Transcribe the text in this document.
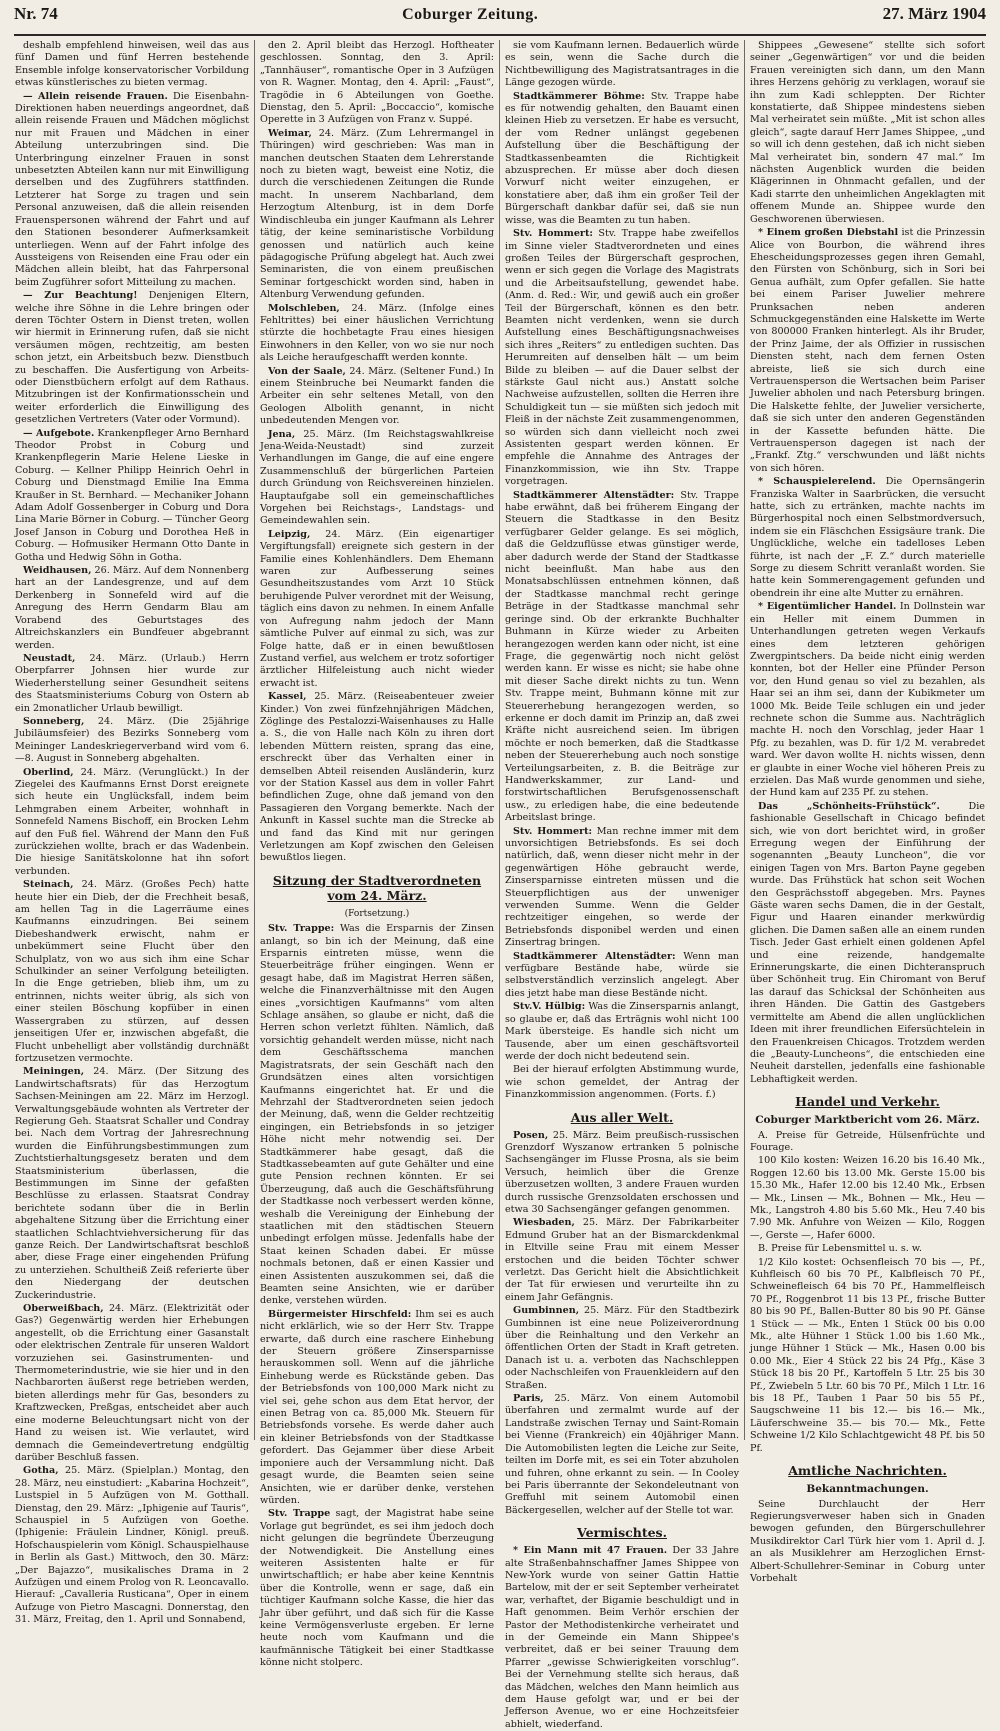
Nr. 74	Coburger Zeitung.	27. März 1904

deshalb empfehlend hinweisen, weil das aus fünf Damen und fünf Herren bestehende Ensemble infolge konservatorischer Vorbildung etwas künstlerisches zu bieten vermag.

— Allein reisende Frauen. Die Eisenbahn-Direktionen haben neuerdings angeordnet, daß allein reisende Frauen und Mädchen möglichst nur mit Frauen und Mädchen in einer Abteilung unterzubringen sind. Die Unterbringung einzelner Frauen in sonst unbesetzten Abteilen kann nur mit Einwilligung derselben und des Zugführers stattfinden. Letzterer hat Sorge zu tragen und sein Personal anzuweisen, daß die allein reisenden Frauenspersonen während der Fahrt und auf den Stationen besonderer Aufmerksamkeit unterliegen. Wenn auf der Fahrt infolge des Aussteigens von Reisenden eine Frau oder ein Mädchen allein bleibt, hat das Fahrpersonal beim Zugführer sofort Mitteilung zu machen.

— Zur Beachtung! Denjenigen Eltern, welche ihre Söhne in die Lehre bringen oder deren Töchter Ostern in Dienst treten, wollen wir hiermit in Erinnerung rufen, daß sie nicht versäumen mögen, rechtzeitig, am besten schon jetzt, ein Arbeitsbuch bezw. Dienstbuch zu beschaffen. Die Ausfertigung von Arbeits- oder Dienstbüchern erfolgt auf dem Rathaus. Mitzubringen ist der Konfirmationsschein und weiter erforderlich die Einwilligung des gesetzlichen Vertreters (Vater oder Vormund).

— Aufgebote. Krankenpfleger Arno Bernhard Theodor Probst in Coburg und Krankenpflegerin Marie Helene Lieske in Coburg. — Kellner Philipp Heinrich Oehrl in Coburg und Dienstmagd Emilie Ina Emma Kraußer in St. Bernhard. — Mechaniker Johann Adam Adolf Gossenberger in Coburg und Dora Lina Marie Börner in Coburg. — Tüncher Georg Josef Janson in Coburg und Dorothea Heß in Coburg. — Hofmusiker Hermann Otto Dante in Gotha und Hedwig Söhn in Gotha.

Weidhausen, 26. März. Auf dem Nonnenberg hart an der Landesgrenze, und auf dem Derkenberg in Sonnefeld wird auf die Anregung des Herrn Gendarm Blau am Vorabend des Geburtstages des Altreichskanzlers ein Bundfeuer abgebrannt werden.

Neustadt, 24. März. (Urlaub.) Herrn Oberpfarrer Johnsen hier wurde zur Wiederherstellung seiner Gesundheit seitens des Staatsministeriums Coburg von Ostern ab ein 2monatlicher Urlaub bewilligt.

Sonneberg, 24. März. (Die 25jährige Jubiläumsfeier) des Bezirks Sonneberg vom Meininger Landeskriegerverband wird vom 6.—8. August in Sonneberg abgehalten.

Oberlind, 24. März. (Verunglückt.) In der Ziegelei des Kaufmanns Ernst Dorst ereignete sich heute ein Unglücksfall, indem beim Lehmgraben einem Arbeiter, wohnhaft in Sonnefeld Namens Bischoff, ein Brocken Lehm auf den Fuß fiel. Während der Mann den Fuß zurückziehen wollte, brach er das Wadenbein. Die hiesige Sanitätskolonne hat ihn sofort verbunden.

Steinach, 24. März. (Großes Pech) hatte heute hier ein Dieb, der die Frechheit besaß, am hellen Tag in die Lagerräume eines Kaufmanns einzudringen. Bei seinem Diebeshandwerk erwischt, nahm er unbekümmert seine Flucht über den Schulplatz, von wo aus sich ihm eine Schar Schulkinder an seiner Verfolgung beteiligten. In die Enge getrieben, blieb ihm, um zu entrinnen, nichts weiter übrig, als sich von einer steilen Böschung kopfüber in einen Wassergraben zu stürzen, auf dessen jenseitigen Ufer er, inzwischen abgefaßt, die Flucht unbehelligt aber vollständig durchnäßt fortzusetzen vermochte.

Meiningen, 24. März. (Der Sitzung des Landwirtschaftsrats) für das Herzogtum Sachsen-Meiningen am 22. März im Herzogl. Verwaltungsgebäude wohnten als Vertreter der Regierung Geh. Staatsrat Schaller und Condray bei. Nach dem Vortrag der Jahresrechnung wurden die Einführungsbestimmungen zum Zuchtstierhaltungsgesetz beraten und dem Staatsministerium überlassen, die Bestimmungen im Sinne der gefaßten Beschlüsse zu erlassen. Staatsrat Condray berichtete sodann über die in Berlin abgehaltene Sitzung über die Errichtung einer staatlichen Schlachtviehversicherung für das ganze Reich. Der Landwirtschaftsrat beschloß aber, diese Frage einer eingehenden Prüfung zu unterziehen. Schultheiß Zeiß referierte über den Niedergang der deutschen Zuckerindustrie.

Oberweißbach, 24. März. (Elektrizität oder Gas?) Gegenwärtig werden hier Erhebungen angestellt, ob die Errichtung einer Gasanstalt oder elektrischen Zentrale für unseren Waldort vorzuziehen sei. Gasinstrumenten- und Thermometerindustrie, wie sie hier und in den Nachbarorten äußerst rege betrieben werden, bieten allerdings mehr für Gas, besonders zu Kraftzwecken, Preßgas, entscheidet aber auch eine moderne Beleuchtungsart nicht von der Hand zu weisen ist. Wie verlautet, wird demnach die Gemeindevertretung endgültig darüber Beschluß fassen.

Gotha, 25. März. (Spielplan.) Montag, den 28. März, neu einstudiert: „Kabarina Hochzeit“, Lustspiel in 5 Aufzügen von M. Gotthall. Dienstag, den 29. März: „Iphigenie auf Tauris“, Schauspiel in 5 Aufzügen von Goethe. (Iphigenie: Fräulein Lindner, Königl. preuß. Hofschauspielerin vom Königl. Schauspielhause in Berlin als Gast.) Mittwoch, den 30. März: „Der Bajazzo“, musikalisches Drama in 2 Aufzügen und einem Prolog von R. Leoncavallo. Hierauf: „Cavalleria Rusticana“, Oper in einem Aufzuge von Pietro Mascagni. Donnerstag, den 31. März, Freitag, den 1. April und Sonnabend,

den 2. April bleibt das Herzogl. Hoftheater geschlossen. Sonntag, den 3. April: „Tannhäuser“, romantische Oper in 3 Aufzügen von R. Wagner. Montag, den 4. April: „Faust“, Tragödie in 6 Abteilungen von Goethe. Dienstag, den 5. April: „Boccaccio“, komische Operette in 3 Aufzügen von Franz v. Suppé.

Weimar, 24. März. (Zum Lehrermangel in Thüringen) wird geschrieben: Was man in manchen deutschen Staaten dem Lehrerstande noch zu bieten wagt, beweist eine Notiz, die durch die verschiedenen Zeitungen die Runde macht. In unserem Nachbarland, dem Herzogtum Altenburg, ist in dem Dorfe Windischleuba ein junger Kaufmann als Lehrer tätig, der keine seminaristische Vorbildung genossen und natürlich auch keine pädagogische Prüfung abgelegt hat. Auch zwei Seminaristen, die von einem preußischen Seminar fortgeschickt worden sind, haben in Altenburg Verwendung gefunden.

Molschleben, 24. März. (Infolge eines Fehltrittes) bei einer häuslichen Verrichtung stürzte die hochbetagte Frau eines hiesigen Einwohners in den Keller, von wo sie nur noch als Leiche heraufgeschafft werden konnte.

Von der Saale, 24. März. (Seltener Fund.) In einem Steinbruche bei Neumarkt fanden die Arbeiter ein sehr seltenes Metall, von den Geologen Albolith genannt, in nicht unbedeutenden Mengen vor.

Jena, 25. März. (Im Reichstagswahlkreise Jena-Weida-Neustadt) sind zurzeit Verhandlungen im Gange, die auf eine engere Zusammenschluß der bürgerlichen Parteien durch Gründung von Reichsvereinen hinzielen. Hauptaufgabe soll ein gemeinschaftliches Vorgehen bei Reichstags-, Landstags- und Gemeindewahlen sein.

Leipzig, 24. März. (Ein eigenartiger Vergiftungsfall) ereignete sich gestern in der Familie eines Kohlenhändlers. Dem Ehemann waren zur Aufbesserung seines Gesundheitszustandes vom Arzt 10 Stück beruhigende Pulver verordnet mit der Weisung, täglich eins davon zu nehmen. In einem Anfalle von Aufregung nahm jedoch der Mann sämtliche Pulver auf einmal zu sich, was zur Folge hatte, daß er in einen bewußtlosen Zustand verfiel, aus welchem er trotz sofortiger ärztlicher Hilfeleistung auch nicht wieder erwacht ist.

Kassel, 25. März. (Reiseabenteuer zweier Kinder.) Von zwei fünfzehnjährigen Mädchen, Zöglinge des Pestalozzi-Waisenhauses zu Halle a. S., die von Halle nach Köln zu ihren dort lebenden Müttern reisten, sprang das eine, erschreckt über das Verhalten einer in demselben Abteil reisenden Ausländerin, kurz vor der Station Kassel aus dem in voller Fahrt befindlichen Zuge, ohne daß jemand von den Passagieren den Vorgang bemerkte. Nach der Ankunft in Kassel suchte man die Strecke ab und fand das Kind mit nur geringen Verletzungen am Kopf zwischen den Geleisen bewußtlos liegen.

Sitzung der Stadtverordneten vom 24. März.
(Fortsetzung.)

Stv. Trappe: Was die Ersparnis der Zinsen anlangt, so bin ich der Meinung, daß eine Ersparnis eintreten müsse, wenn die Steuerbeiträge früher eingingen. Wenn er gesagt habe, daß im Magistrat Herren säßen, welche die Finanzverhältnisse mit den Augen eines „vorsichtigen Kaufmanns“ vom alten Schlage ansähen, so glaube er nicht, daß die Herren schon verletzt fühlten. Nämlich, daß vorsichtig gehandelt werden müsse, nicht nach dem Geschäftsschema manchen Magistratsrats, der sein Geschäft nach den Grundsätzen eines alten vorsichtigen Kaufmanns eingerichtet hat. Er und die Mehrzahl der Stadtverordneten seien jedoch der Meinung, daß, wenn die Gelder rechtzeitig eingingen, ein Betriebsfonds in so jetziger Höhe nicht mehr notwendig sei. Der Stadtkämmerer habe gesagt, daß die Stadtkassebeamten auf gute Gehälter und eine gute Pension rechnen könnten. Er sei Überzeugung, daß auch die Geschäftsführung der Stadtkasse noch verbessert werden könne, weshalb die Vereinigung der Einhebung der staatlichen mit den städtischen Steuern unbedingt erfolgen müsse. Jedenfalls habe der Staat keinen Schaden dabei. Er müsse nochmals betonen, daß er einen Kassier und einen Assistenten auszukommen sei, daß die Beamten seine Ansichten, wie er darüber denke, verstehen würden.

Bürgermeister Hirschfeld: Ihm sei es auch nicht erklärlich, wie so der Herr Stv. Trappe erwarte, daß durch eine raschere Einhebung der Steuern größere Zinsersparnisse herauskommen soll. Wenn auf die jährliche Einhebung werde es Rückstände geben. Das der Betriebsfonds von 100,000 Mark nicht zu viel sei, gehe schon aus dem Etat hervor, der einen Betrag von ca. 85,000 Mk. Steuern für Betriebsfonds vorsehe. Es werde daher auch ein kleiner Betriebsfonds von der Stadtkasse gefordert. Das Gejammer über diese Arbeit imponiere auch der Versammlung nicht. Daß gesagt wurde, die Beamten seien seine Ansichten, wie er darüber denke, verstehen würden.

Stv. Trappe sagt, der Magistrat habe seine Vorlage gut begründet, es sei ihm jedoch doch nicht gelungen die begründete Überzeugung der Notwendigkeit. Die Anstellung eines weiteren Assistenten halte er für unwirtschaftlich; er habe aber keine Kenntnis über die Kontrolle, wenn er sage, daß ein tüchtiger Kaufmann solche Kasse, die hier das Jahr über geführt, und daß sich für die Kasse keine Vermögensverluste ergeben. Er lerne heute noch vom Kaufmann und die kaufmännische Tätigkeit bei einer Stadtkasse könne nicht stolperc.

sie vom Kaufmann lernen. Bedauerlich würde es sein, wenn die Sache durch die Nichtbewilligung des Magistratsantrages in die Länge gezogen würde.

Stadtkämmerer Böhme: Stv. Trappe habe es für notwendig gehalten, den Bauamt einen kleinen Hieb zu versetzen. Er habe es versucht, der vom Redner unlängst gegebenen Aufstellung über die Beschäftigung der Stadtkassenbeamten die Richtigkeit abzusprechen. Er müsse aber doch diesen Vorwurf nicht weiter einzugehen, er konstatiere aber, daß ihm ein großer Teil der Bürgerschaft dankbar dafür sei, daß sie nun wisse, was die Beamten zu tun haben.

Stv. Hommert: Stv. Trappe habe zweifellos im Sinne vieler Stadtverordneten und eines großen Teiles der Bürgerschaft gesprochen, wenn er sich gegen die Vorlage des Magistrats und die Arbeitsaufstellung, gewendet habe. (Anm. d. Red.: Wir, und gewiß auch ein großer Teil der Bürgerschaft, können es den betr. Beamten nicht verdenken, wenn sie durch Aufstellung eines Beschäftigungsnachweises sich ihres „Reiters“ zu entledigen suchten. Das Herumreiten auf denselben hält — um beim Bilde zu bleiben — auf die Dauer selbst der stärkste Gaul nicht aus.) Anstatt solche Nachweise aufzustellen, sollten die Herren ihre Schuldigkeit tun — sie müßten sich jedoch mit Fleiß in der nächste Zeit zusammengenommen, so würden sich dann vielleicht noch zwei Assistenten gespart werden können. Er empfehle die Annahme des Antrages der Finanzkommission, wie ihn Stv. Trappe vorgetragen.

Stadtkämmerer Altenstädter: Stv. Trappe habe erwähnt, daß bei früherem Eingang der Steuern die Stadtkasse in den Besitz verfügbarer Gelder gelange. Es sei möglich, daß die Geldzuflüsse etwas günstiger werde, aber dadurch werde der Stand der Stadtkasse nicht beeinflußt. Man habe aus den Monatsabschlüssen entnehmen können, daß der Stadtkasse manchmal recht geringe Beträge in der Stadtkasse manchmal sehr geringe sind. Ob der erkrankte Buchhalter Buhmann in Kürze wieder zu Arbeiten herangezogen werden kann oder nicht, ist eine Frage, die gegenwärtig noch nicht gelöst werden kann. Er wisse es nicht; sie habe ohne mit dieser Sache direkt nichts zu tun. Wenn Stv. Trappe meint, Buhmann könne mit zur Steuererhebung herangezogen werden, so erkenne er doch damit im Prinzip an, daß zwei Kräfte nicht ausreichend seien. Im übrigen möchte er noch bemerken, daß die Stadtkasse neben der Steuererhebung auch noch sonstige Verteilungsarbeiten, z. B. die Beiträge zur Handwerkskammer, zur Land- und forstwirtschaftlichen Berufsgenossenschaft usw., zu erledigen habe, die eine bedeutende Arbeitslast bringe.

Stv. Hommert: Man rechne immer mit dem unvorsichtigen Betriebsfonds. Es sei doch natürlich, daß, wenn dieser nicht mehr in der gegenwärtigen Höhe gebraucht werde, Zinsersparnisse eintreten müssen und die Steuerpflichtigen aus der unweniger verwenden Summe. Wenn die Gelder rechtzeitiger eingehen, so werde der Betriebsfonds disponibel werden und einen Zinsertrag bringen.

Stadtkämmerer Altenstädter: Wenn man verfügbare Bestände habe, würde sie selbstverständlich verzinslich angelegt. Aber dies jetzt habe man diese Bestände nicht.

Stv.V. Hülbig: Was die Zinsersparnis anlangt, so glaube er, daß das Erträgnis wohl nicht 100 Mark übersteige. Es handle sich nicht um Tausende, aber um einen geschäftsvorteil werde der doch nicht bedeutend sein.

Bei der hierauf erfolgten Abstimmung wurde, wie schon gemeldet, der Antrag der Finanzkommission angenommen. (Forts. f.)

Aus aller Welt.

Posen, 25. März. Beim preußisch-russischen Grenzdorf Wyszanow ertranken 5 polnische Sachsengänger im Flusse Prosna, als sie beim Versuch, heimlich über die Grenze überzusetzen wollten, 3 andere Frauen wurden durch russische Grenzsoldaten erschossen und etwa 30 Sachsengänger gefangen genommen.

Wiesbaden, 25. März. Der Fabrikarbeiter Edmund Gruber hat an der Bismarckdenkmal in Eltville seine Frau mit einem Messer erstochen und die beiden Töchter schwer verletzt. Das Gericht hielt die Absichtlichkeit der Tat für erwiesen und verurteilte ihn zu einem Jahr Gefängnis.

Gumbinnen, 25. März. Für den Stadtbezirk Gumbinnen ist eine neue Polizeiverordnung über die Reinhaltung und den Verkehr an öffentlichen Orten der Stadt in Kraft getreten. Danach ist u. a. verboten das Nachschleppen oder Nachschleifen von Frauenkleidern auf den Straßen.

Paris, 25. März. Von einem Automobil überfahren und zermalmt wurde auf der Landstraße zwischen Ternay und Saint-Romain bei Vienne (Frankreich) ein 40jähriger Mann. Die Automobilisten legten die Leiche zur Seite, teilten im Dorfe mit, es sei ein Toter abzuholen und fuhren, ohne erkannt zu sein. — In Cooley bei Paris überrannte der Sekondeleutnant von Greffuhl mit seinem Automobil einen Bäckergesellen, welcher auf der Stelle tot war.

Vermischtes.

* Ein Mann mit 47 Frauen. Der 33 Jahre alte Straßenbahnschaffner James Shippee von New-York wurde von seiner Gattin Hattie Bartelow, mit der er seit September verheiratet war, verhaftet, der Bigamie beschuldigt und in Haft genommen. Beim Verhör erschien der Pastor der Methodistenkirche verheiratet und in der Gemeinde ein Mann Shippee's verbreitet, daß er bei seiner Trauung dem Pfarrer „gewisse Schwierigkeiten vorschlug“. Bei der Vernehmung stellte sich heraus, daß das Mädchen, welches den Mann heimlich aus dem Hause gefolgt war, und er bei der Jefferson Avenue, wo er eine Hochzeitsfeier abhielt, wiederfand.

Shippees „Gewesene“ stellte sich sofort seiner „Gegenwärtigen“ vor und die beiden Frauen vereinigten sich dann, um den Mann ihres Herzens gehörig zu verklagen, worauf sie ihn zum Kadi schleppten. Der Richter konstatierte, daß Shippee mindestens sieben Mal verheiratet sein müßte. „Mit ist schon alles gleich“, sagte darauf Herr James Shippee, „und so will ich denn gestehen, daß ich nicht sieben Mal verheiratet bin, sondern 47 mal.“ Im nächsten Augenblick wurden die beiden Klägerinnen in Ohnmacht gefallen, und der Kadi starrte den unheimlichen Angeklagten mit offenem Munde an. Shippee wurde den Geschworenen überwiesen.

* Einem großen Diebstahl ist die Prinzessin Alice von Bourbon, die während ihres Ehescheidungsprozesses gegen ihren Gemahl, den Fürsten von Schönburg, sich in Sori bei Genua aufhält, zum Opfer gefallen. Sie hatte bei einem Pariser Juwelier mehrere Prunksachen neben anderen Schmuckgegenständen eine Halskette im Werte von 800000 Franken hinterlegt. Als ihr Bruder, der Prinz Jaime, der als Offizier in russischen Diensten steht, nach dem fernen Osten abreiste, ließ sie sich durch eine Vertrauensperson die Wertsachen beim Pariser Juwelier abholen und nach Petersburg bringen. Die Halskette fehlte, der Juwelier versicherte, daß sie sich unter den anderen Gegenständen in der Kassette befunden hätte. Die Vertrauensperson dagegen ist nach der „Frankf. Ztg.“ verschwunden und läßt nichts von sich hören.

* Schauspielerelend. Die Opernsängerin Franziska Walter in Saarbrücken, die versucht hatte, sich zu ertränken, machte nachts im Bürgerhospital noch einen Selbstmordversuch, indem sie ein Fläschchen Essigsäure trank. Die Unglückliche, welche ein tadelloses Leben führte, ist nach der „F. Z.“ durch materielle Sorge zu diesem Schritt veranlaßt worden. Sie hatte kein Sommerengagement gefunden und obendrein ihr eine alte Mutter zu ernähren.

* Eigentümlicher Handel. In Dollnstein war ein Heller mit einem Dummen in Unterhandlungen getreten wegen Verkaufs eines dem letzteren gehörigen Zwergpintschers. Da beide nicht einig werden konnten, bot der Heller eine Pfünder Person vor, den Hund genau so viel zu bezahlen, als Haar sei an ihm sei, dann der Kubikmeter um 1000 Mk. Beide Teile schlugen ein und jeder rechnete schon die Summe aus. Nachträglich machte H. noch den Vorschlag, jeder Haar 1 Pfg. zu bezahlen, was D. für 1/2 M. verabredet ward. Wer davon wollte H. nichts wissen, denn er glaubte in einer Woche viel höheren Preis zu erzielen. Das Maß wurde genommen und siehe, der Hund kam auf 235 Pf. zu stehen.

Das „Schönheits-Frühstück“.	Die fashionable Gesellschaft in Chicago befindet sich, wie von dort berichtet wird, in großer Erregung wegen der Einführung der sogenannten „Beauty Luncheon“, die vor einigen Tagen von Mrs. Barton Payne gegeben wurde. Das Frühstück hat schon seit Wochen den Gesprächsstoff abgegeben. Mrs. Paynes Gäste waren sechs Damen, die in der Gestalt, Figur und Haaren einander merkwürdig glichen. Die Damen saßen alle an einem runden Tisch. Jeder Gast erhielt einen goldenen Apfel und eine reizende, handgemalte Erinnerungskarte, die einen Dichteranspruch über Schönheit trug. Ein Chiromant von Beruf las darauf das Schicksal der Schönheiten aus ihren Händen. Die Gattin des Gastgebers vermittelte am Abend die allen unglücklichen Ideen mit ihrer freundlichen Eifersüchtelein in den Frauenkreisen Chicagos. Trotzdem werden die „Beauty-Luncheons“, die entschieden eine Neuheit darstellen, jedenfalls eine fashionable Lebhaftigkeit werden.

Handel und Verkehr.
Coburger Marktbericht vom 26. März.

A. Preise für Getreide, Hülsenfrüchte und Fourage.

100 Kilo kosten: Weizen 16.20 bis 16.40 Mk., Roggen 12.60 bis 13.00 Mk. Gerste 15.00 bis 15.30 Mk., Hafer 12.00 bis 12.40 Mk., Erbsen — Mk., Linsen — Mk., Bohnen — Mk., Heu — Mk., Langstroh 4.80 bis 5.60 Mk., Heu 7.40 bis 7.90 Mk. Anfuhre von Weizen — Kilo, Roggen —, Gerste —, Hafer 6000.

B. Preise für Lebensmittel u. s. w.

1/2 Kilo kostet: Ochsenfleisch 70 bis —, Pf., Kuhfleisch 60 bis 70 Pf., Kalbfleisch 70 Pf., Schweinefleisch 64 bis 70 Pf., Hammelfleisch 70 Pf., Roggenbrot 11 bis 13 Pf., frische Butter 80 bis 90 Pf., Ballen-Butter 80 bis 90 Pf. Gänse 1 Stück — — Mk., Enten 1 Stück 00 bis 0.00 Mk., alte Hühner 1 Stück 1.00 bis 1.60 Mk., junge Hühner 1 Stück — Mk., Hasen 0.00 bis 0.00 Mk., Eier 4 Stück 22 bis 24 Pfg., Käse 3 Stück 18 bis 20 Pf., Kartoffeln 5 Ltr. 25 bis 30 Pf., Zwiebeln 5 Ltr. 60 bis 70 Pf., Milch 1 Ltr. 16 bis 18 Pf., Tauben 1 Paar 50 bis 55 Pf., Saugschweine 11 bis 12.— bis 16.— Mk., Läuferschweine 35.— bis 70.— Mk., Fette Schweine 1/2 Kilo Schlachtgewicht 48 Pf. bis 50 Pf.

Amtliche Nachrichten.
Bekanntmachungen.

Seine Durchlaucht der Herr Regierungsverweser haben sich in Gnaden bewogen gefunden, den Bürgerschullehrer Musikdirektor Carl Türk hier vom 1. April d. J. an als Musiklehrer am Herzoglichen Ernst-Albert-Schullehrer-Seminar in Coburg unter Vorbehalt
